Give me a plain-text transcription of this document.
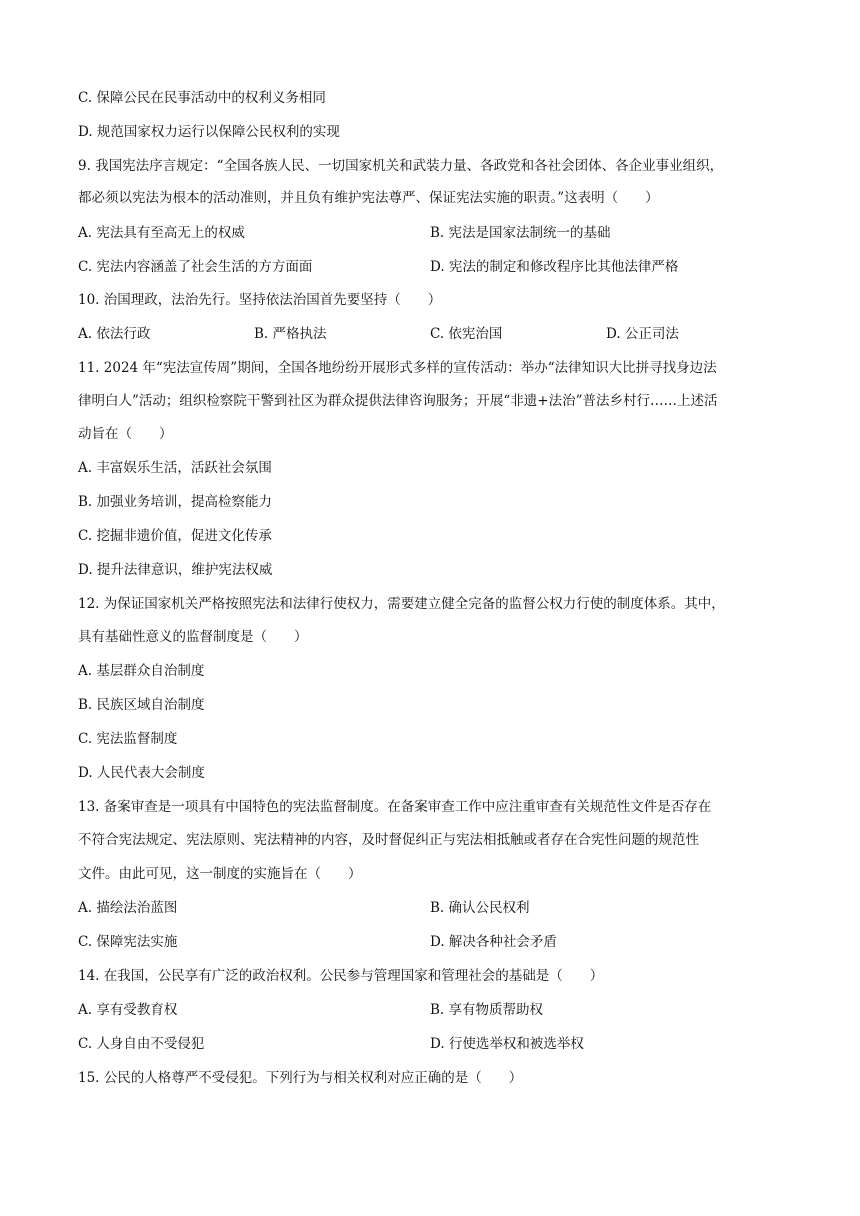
C. 保障公民在民事活动中的权利义务相同
D. 规范国家权力运行以保障公民权利的实现
9. 我国宪法序言规定：“全国各族人民、一切国家机关和武装力量、各政党和各社会团体、各企业事业组织，
都必须以宪法为根本的活动准则，并且负有维护宪法尊严、保证宪法实施的职责。”这表明（　　）
A. 宪法具有至高无上的权威	B. 宪法是国家法制统一的基础
C. 宪法内容涵盖了社会生活的方方面面	D. 宪法的制定和修改程序比其他法律严格
10. 治国理政，法治先行。坚持依法治国首先要坚持（　　）
A. 依法行政	B. 严格执法	C. 依宪治国	D. 公正司法
11. 2024 年“宪法宣传周”期间，全国各地纷纷开展形式多样的宣传活动：举办“法律知识大比拼寻找身边法
律明白人”活动；组织检察院干警到社区为群众提供法律咨询服务；开展“非遗+法治”普法乡村行……上述活
动旨在（　　）
A. 丰富娱乐生活，活跃社会氛围
B. 加强业务培训，提高检察能力
C. 挖掘非遗价值，促进文化传承
D. 提升法律意识，维护宪法权威
12. 为保证国家机关严格按照宪法和法律行使权力，需要建立健全完备的监督公权力行使的制度体系。其中，
具有基础性意义的监督制度是（　　）
A. 基层群众自治制度
B. 民族区域自治制度
C. 宪法监督制度
D. 人民代表大会制度
13. 备案审查是一项具有中国特色的宪法监督制度。在备案审查工作中应注重审查有关规范性文件是否存在
不符合宪法规定、宪法原则、宪法精神的内容，及时督促纠正与宪法相抵触或者存在合宪性问题的规范性
文件。由此可见，这一制度的实施旨在（　　）
A. 描绘法治蓝图	B. 确认公民权利
C. 保障宪法实施	D. 解决各种社会矛盾
14. 在我国，公民享有广泛的政治权利。公民参与管理国家和管理社会的基础是（　　）
A. 享有受教育权	B. 享有物质帮助权
C. 人身自由不受侵犯	D. 行使选举权和被选举权
15. 公民的人格尊严不受侵犯。下列行为与相关权利对应正确的是（　　）
